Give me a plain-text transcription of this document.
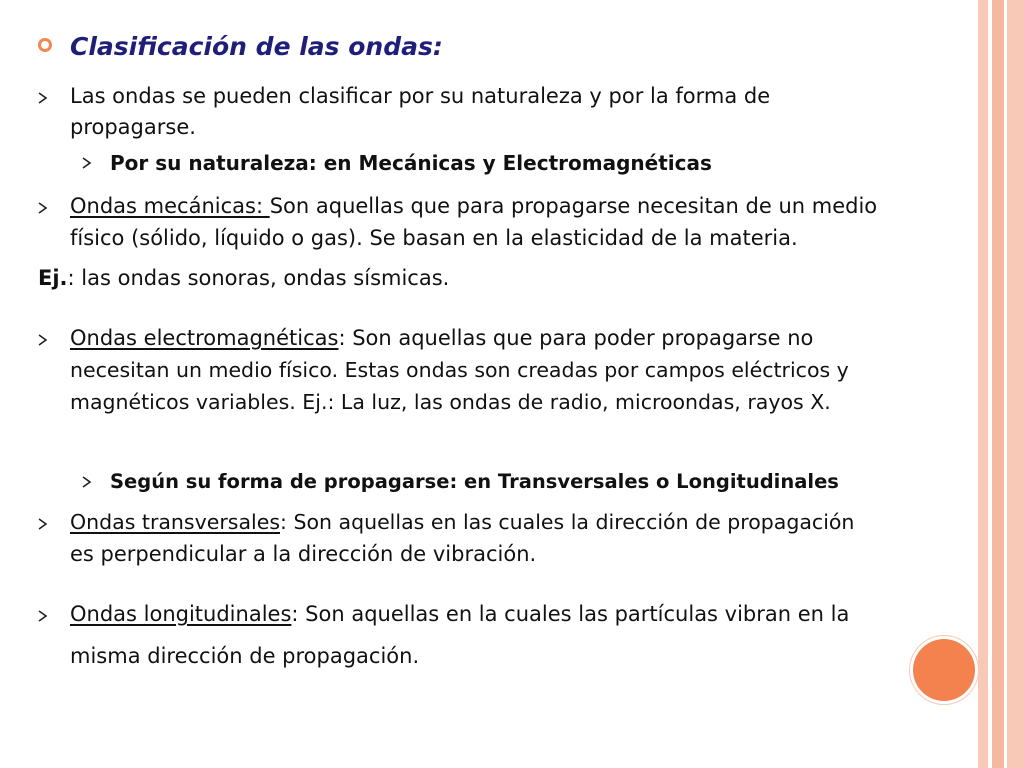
Clasificación de las ondas:
Las ondas se pueden clasificar por su naturaleza y por la forma de
propagarse.
Por su naturaleza: en Mecánicas y Electromagnéticas
Ondas mecánicas: Son aquellas que para propagarse necesitan de un medio
físico (sólido, líquido o gas). Se basan en la elasticidad de la materia.
Ej.: las ondas sonoras, ondas sísmicas.
Ondas electromagnéticas: Son aquellas que para poder propagarse no
necesitan un medio físico. Estas ondas son creadas por campos eléctricos y
magnéticos variables. Ej.: La luz, las ondas de radio, microondas, rayos X.
Según su forma de propagarse: en Transversales o Longitudinales
Ondas transversales: Son aquellas en las cuales la dirección de propagación
es perpendicular a la dirección de vibración.
Ondas longitudinales: Son aquellas en la cuales las partículas vibran en la
misma dirección de propagación.
